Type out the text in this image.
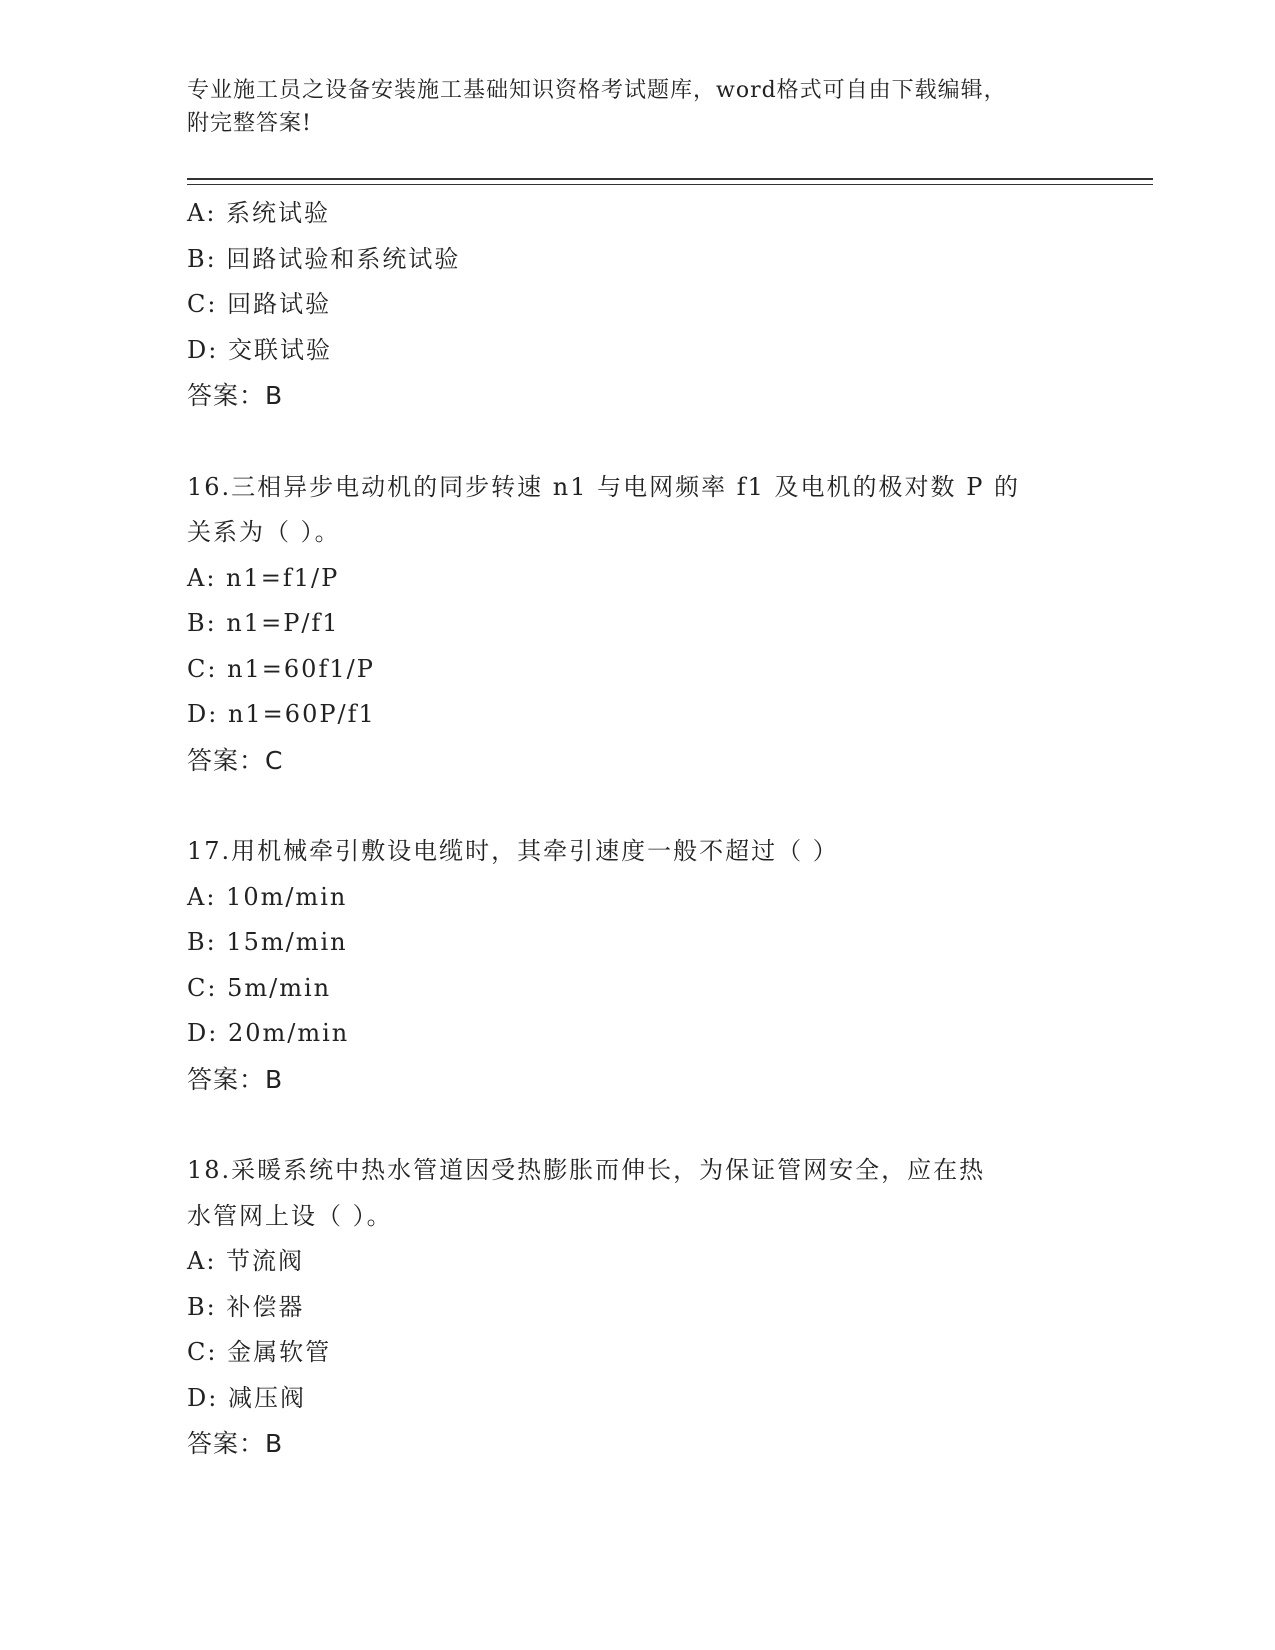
专业施工员之设备安装施工基础知识资格考试题库，word格式可自由下载编辑，
附完整答案!
A: 系统试验
B: 回路试验和系统试验
C: 回路试验
D: 交联试验
答案：B
16.三相异步电动机的同步转速 n1 与电网频率 f1 及电机的极对数 P 的
关系为（ ）。
A: n1=f1/P
B: n1=P/f1
C: n1=60f1/P
D: n1=60P/f1
答案：C
17.用机械牵引敷设电缆时，其牵引速度一般不超过（ ）
A: 10m/min
B: 15m/min
C: 5m/min
D: 20m/min
答案：B
18.采暖系统中热水管道因受热膨胀而伸长，为保证管网安全，应在热
水管网上设（ ）。
A: 节流阀
B: 补偿器
C: 金属软管
D: 减压阀
答案：B
